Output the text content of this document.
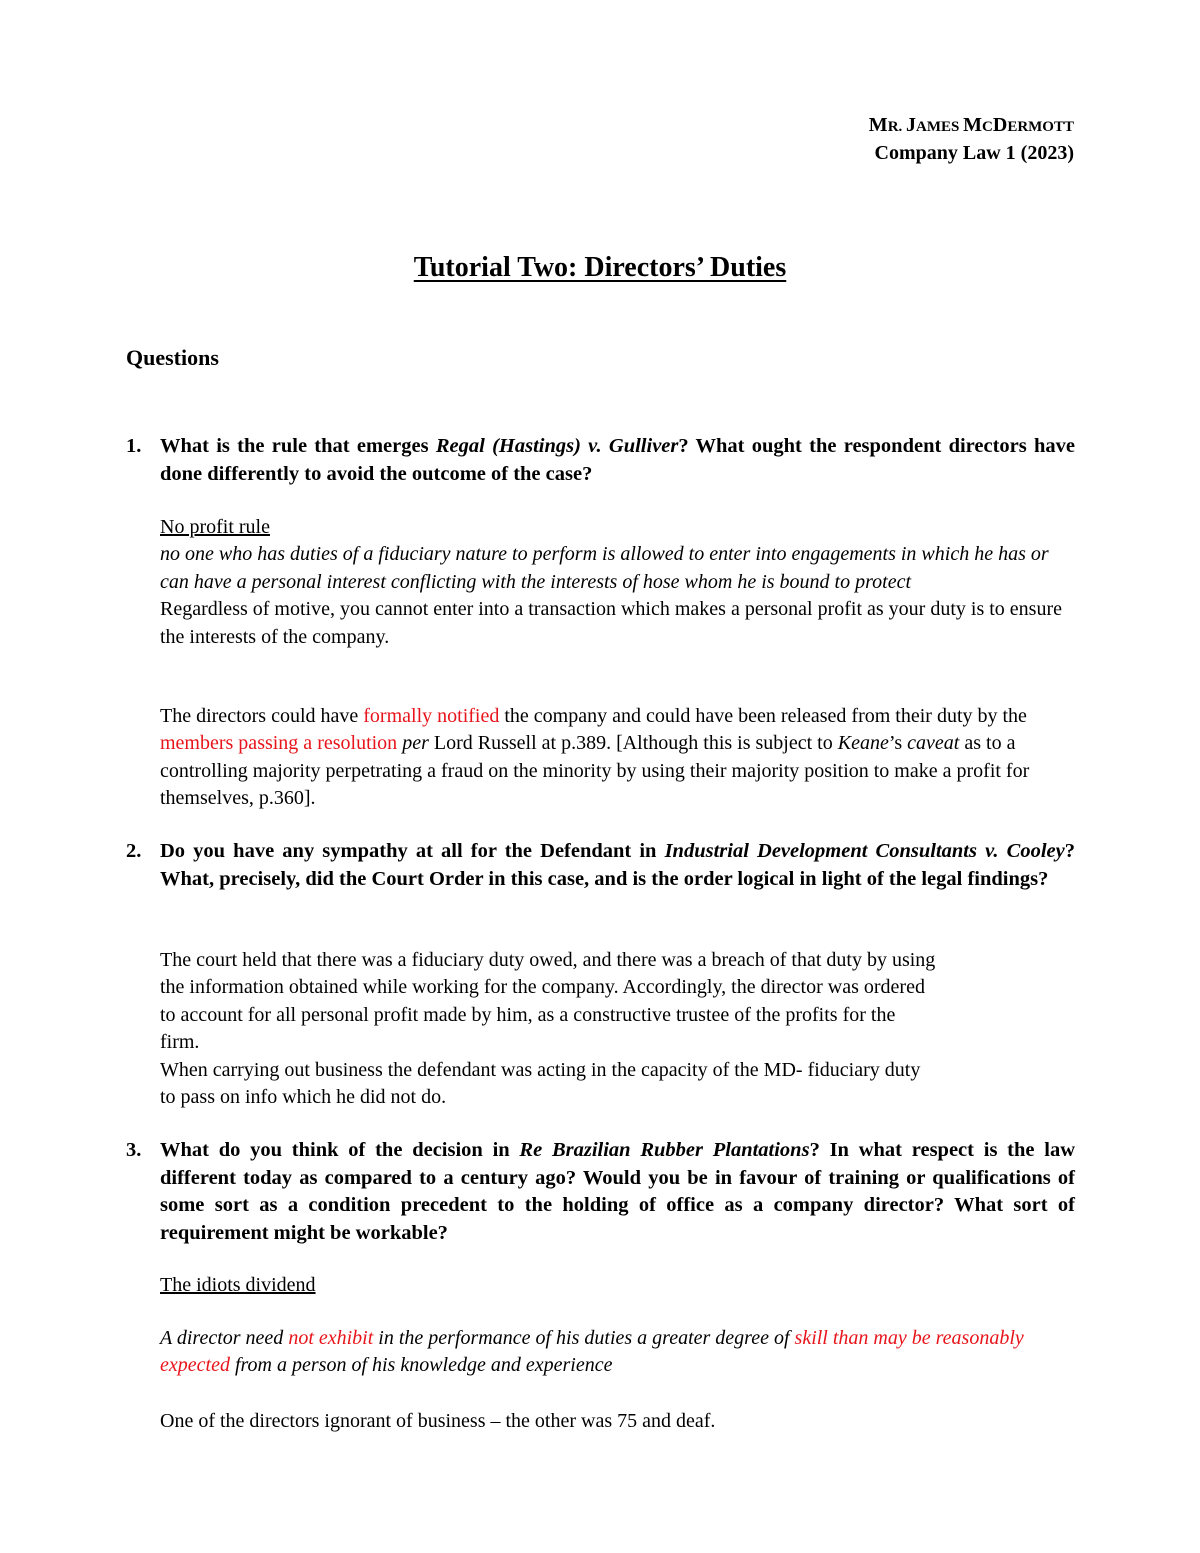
MR. JAMES MCDERMOTT
Company Law 1 (2023)
Tutorial Two: Directors’ Duties
Questions
1. What is the rule that emerges Regal (Hastings) v. Gulliver? What ought the respondent directors have done differently to avoid the outcome of the case?
No profit rule
no one who has duties of a fiduciary nature to perform is allowed to enter into engagements in which he has or can have a personal interest conflicting with the interests of hose whom he is bound to protect
Regardless of motive, you cannot enter into a transaction which makes a personal profit as your duty is to ensure the interests of the company.
The directors could have formally notified the company and could have been released from their duty by the members passing a resolution per Lord Russell at p.389. [Although this is subject to Keane’s caveat as to a controlling majority perpetrating a fraud on the minority by using their majority position to make a profit for themselves, p.360].
2. Do you have any sympathy at all for the Defendant in Industrial Development Consultants v. Cooley? What, precisely, did the Court Order in this case, and is the order logical in light of the legal findings?
The court held that there was a fiduciary duty owed, and there was a breach of that duty by using
the information obtained while working for the company. Accordingly, the director was ordered
to account for all personal profit made by him, as a constructive trustee of the profits for the
firm.
When carrying out business the defendant was acting in the capacity of the MD- fiduciary duty
to pass on info which he did not do.
3. What do you think of the decision in Re Brazilian Rubber Plantations? In what respect is the law different today as compared to a century ago? Would you be in favour of training or qualifications of some sort as a condition precedent to the holding of office as a company director? What sort of requirement might be workable?
The idiots dividend
A director need not exhibit in the performance of his duties a greater degree of skill than may be reasonably expected from a person of his knowledge and experience
One of the directors ignorant of business – the other was 75 and deaf.
